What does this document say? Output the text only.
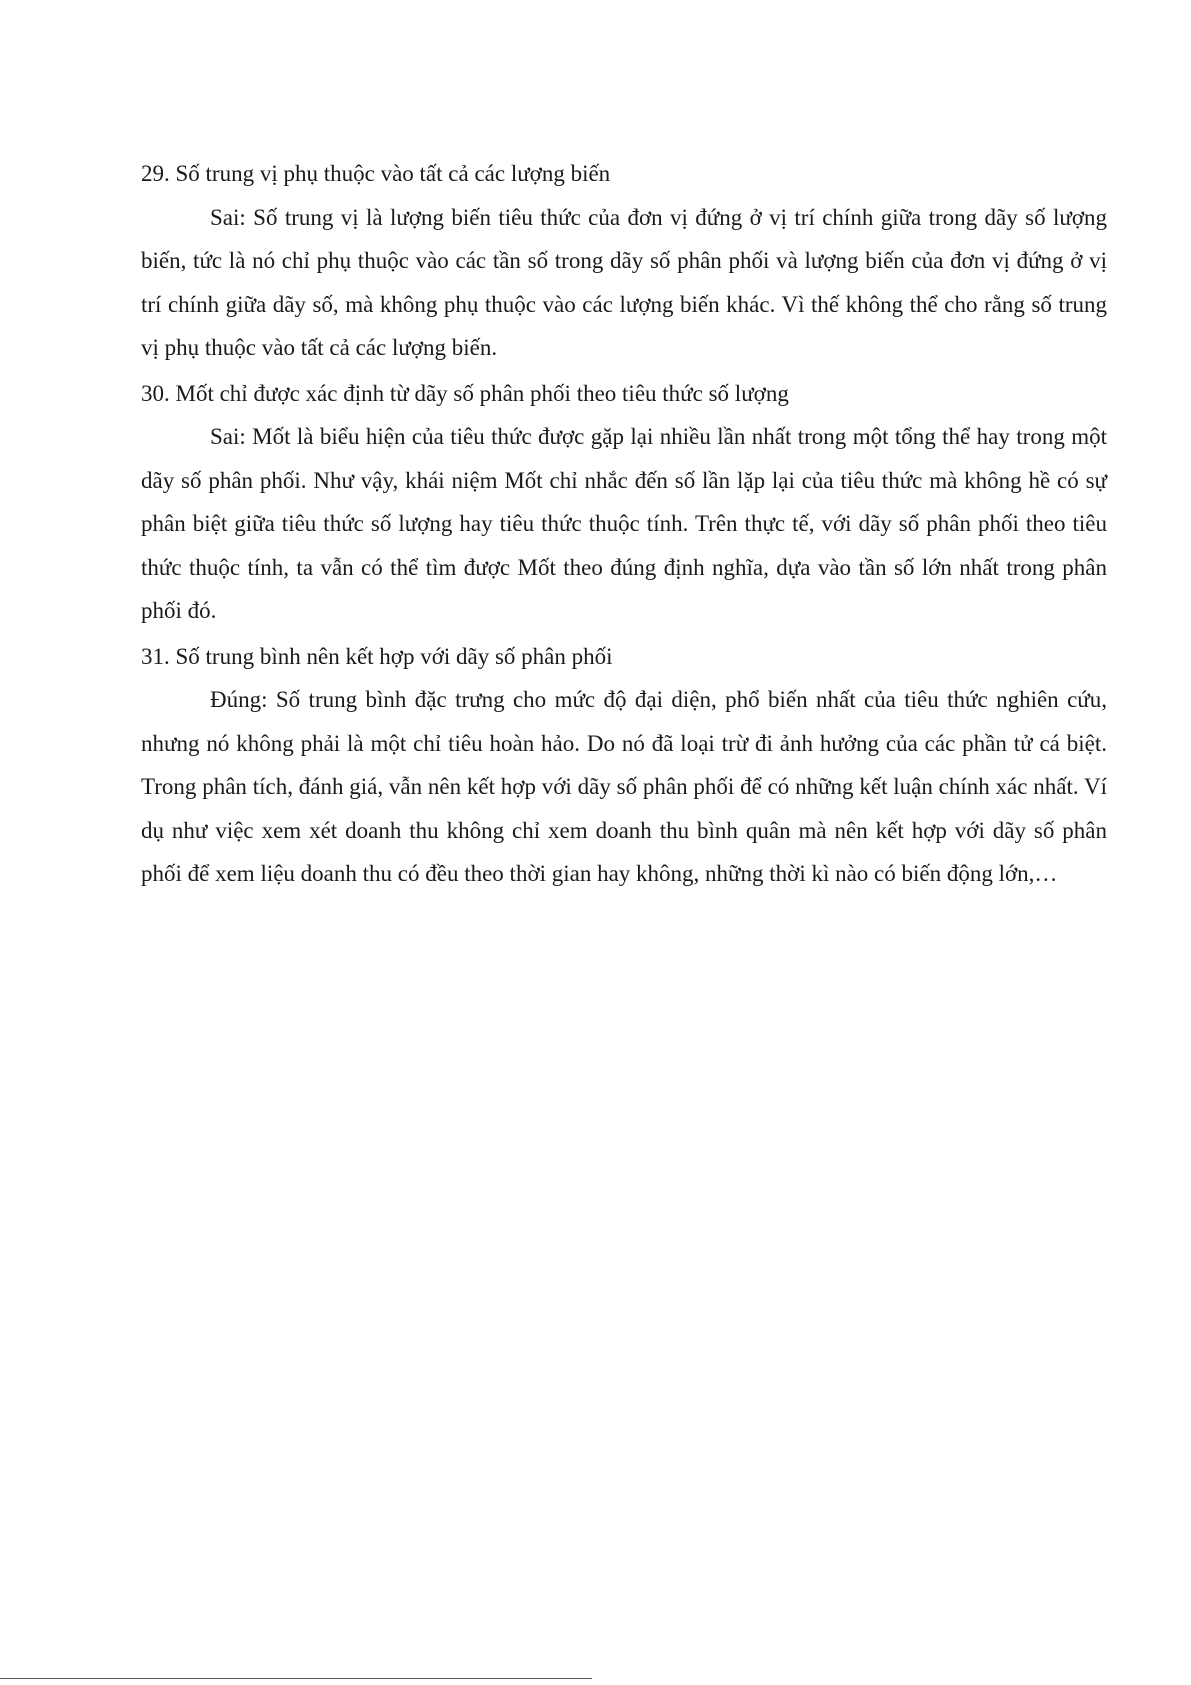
29. Số trung vị phụ thuộc vào tất cả các lượng biến

Sai: Số trung vị là lượng biến tiêu thức của đơn vị đứng ở vị trí chính giữa trong dãy số lượng biến, tức là nó chỉ phụ thuộc vào các tần số trong dãy số phân phối và lượng biến của đơn vị đứng ở vị trí chính giữa dãy số, mà không phụ thuộc vào các lượng biến khác. Vì thế không thể cho rằng số trung vị phụ thuộc vào tất cả các lượng biến.

30. Mốt chỉ được xác định từ dãy số phân phối theo tiêu thức số lượng

Sai: Mốt là biểu hiện của tiêu thức được gặp lại nhiều lần nhất trong một tổng thể hay trong một dãy số phân phối. Như vậy, khái niệm Mốt chỉ nhắc đến số lần lặp lại của tiêu thức mà không hề có sự phân biệt giữa tiêu thức số lượng hay tiêu thức thuộc tính. Trên thực tế, với dãy số phân phối theo tiêu thức thuộc tính, ta vẫn có thể tìm được Mốt theo đúng định nghĩa, dựa vào tần số lớn nhất trong phân phối đó.

31. Số trung bình nên kết hợp với dãy số phân phối

Đúng: Số trung bình đặc trưng cho mức độ đại diện, phổ biến nhất của tiêu thức nghiên cứu, nhưng nó không phải là một chỉ tiêu hoàn hảo. Do nó đã loại trừ đi ảnh hưởng của các phần tử cá biệt. Trong phân tích, đánh giá, vẫn nên kết hợp với dãy số phân phối để có những kết luận chính xác nhất. Ví dụ như việc xem xét doanh thu không chỉ xem doanh thu bình quân mà nên kết hợp với dãy số phân phối để xem liệu doanh thu có đều theo thời gian hay không, những thời kì nào có biến động lớn,…
